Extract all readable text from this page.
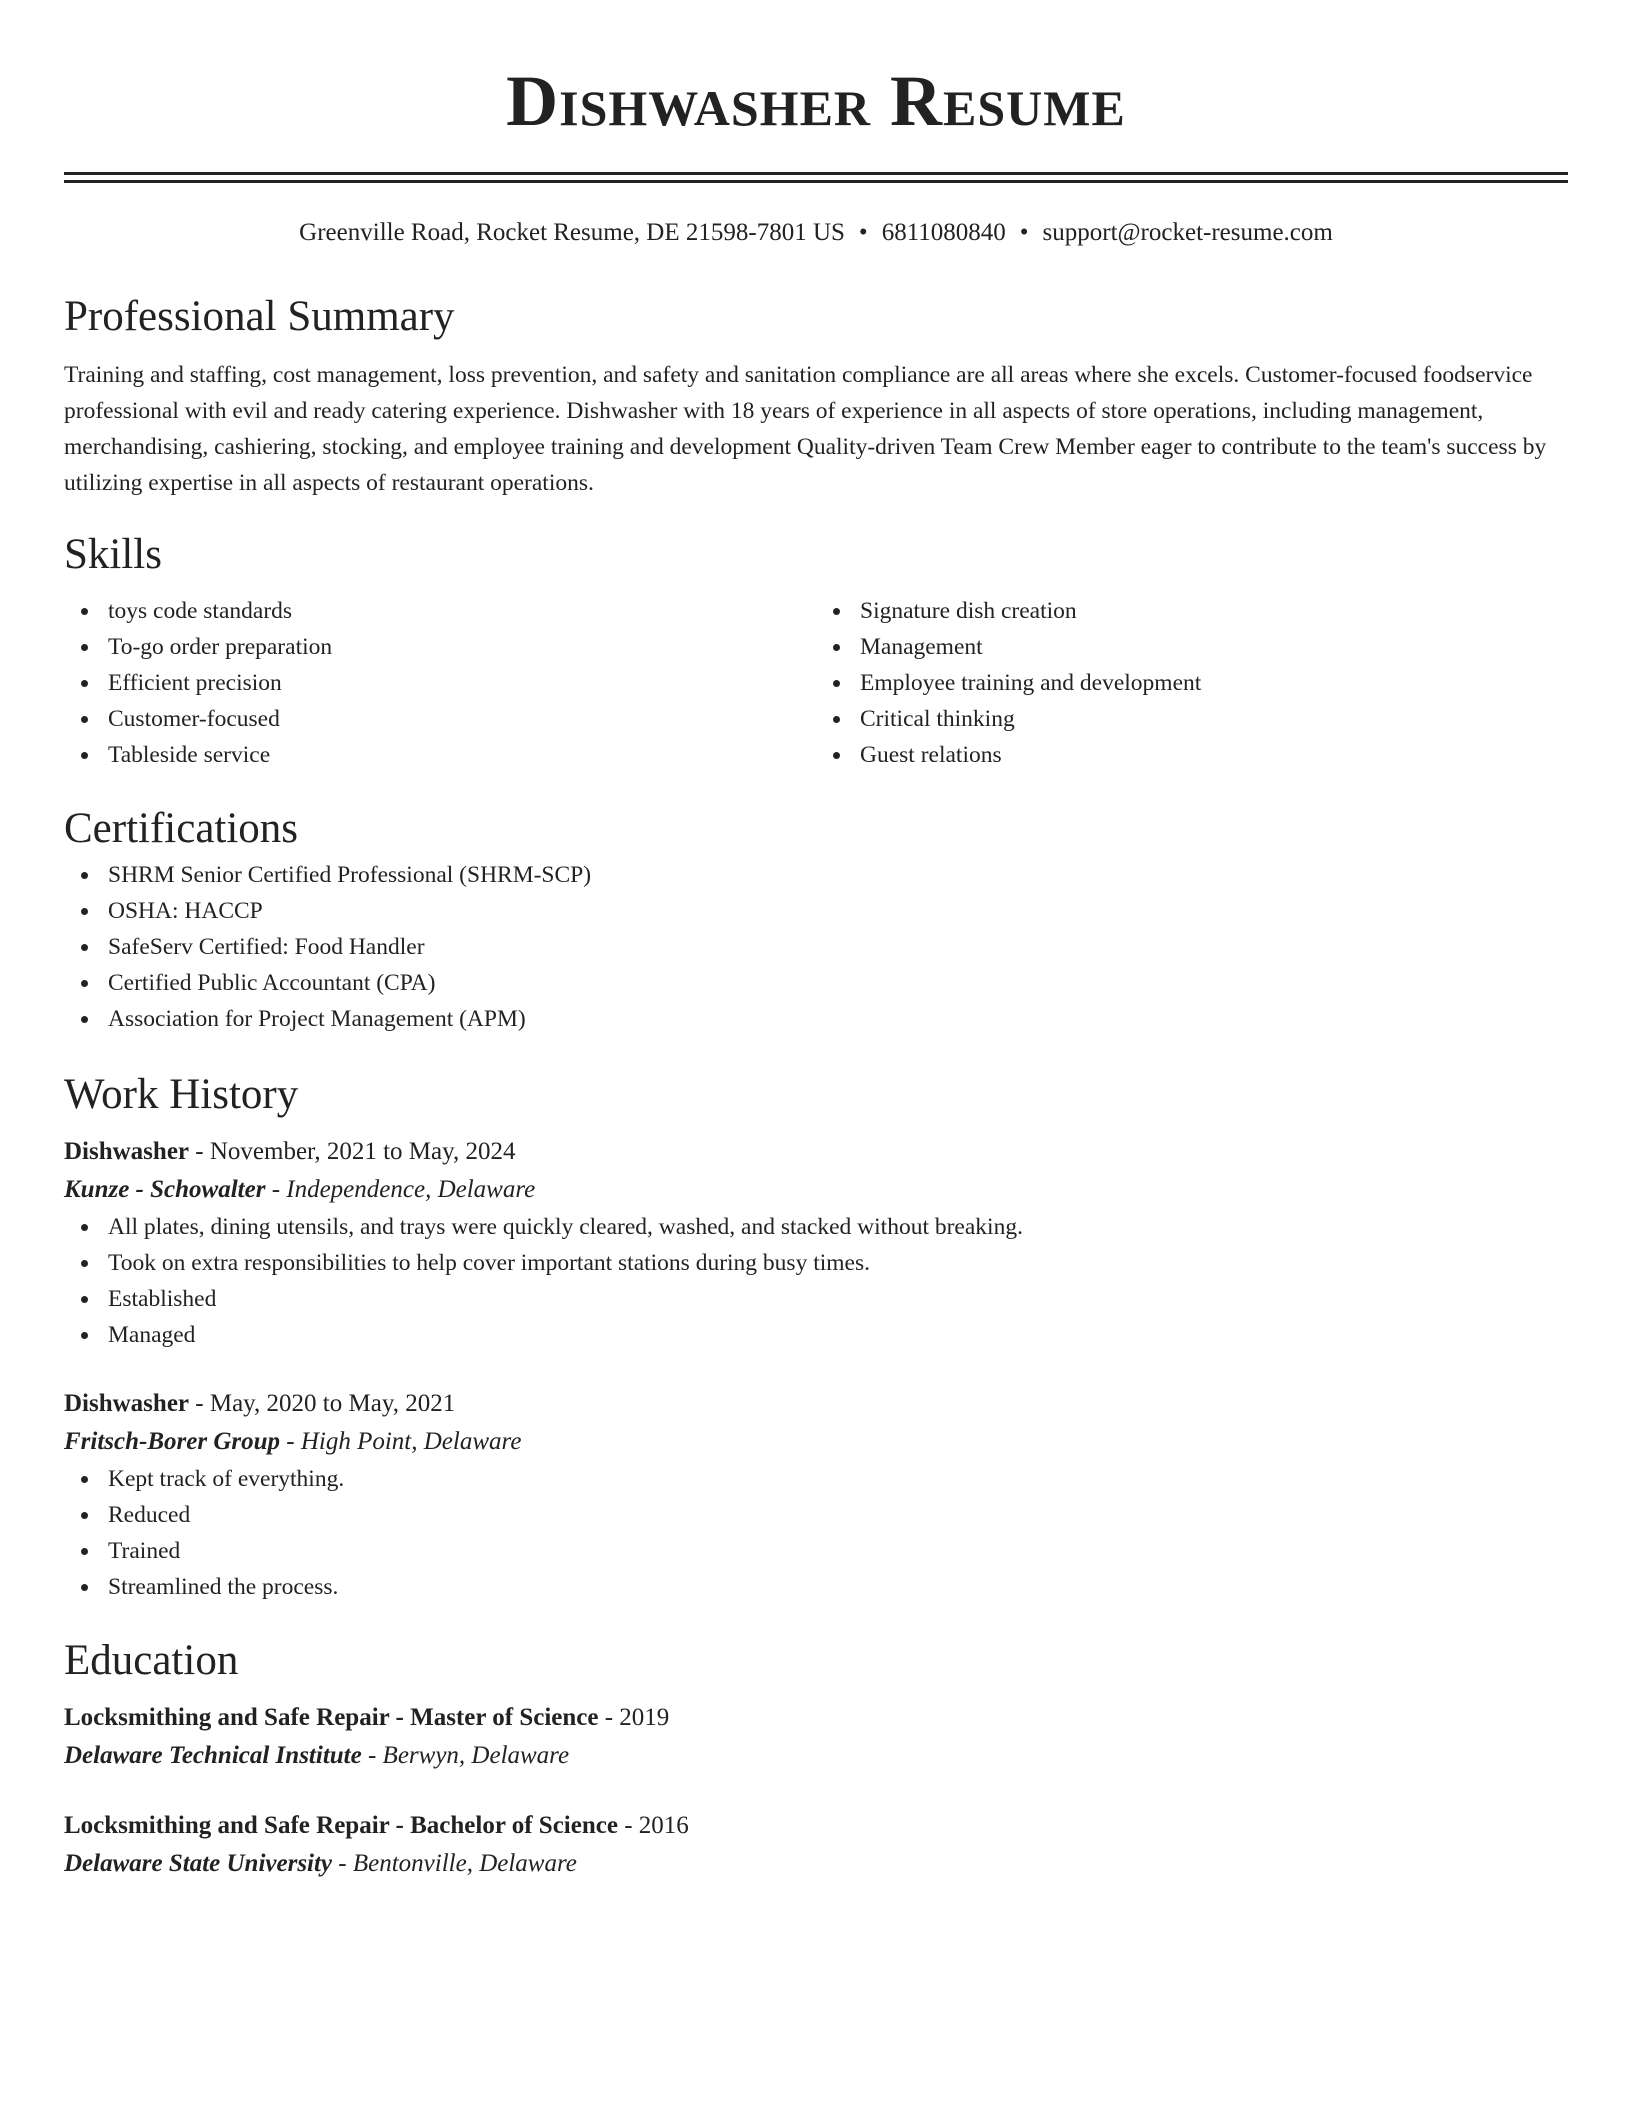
Dishwasher Resume
Greenville Road, Rocket Resume, DE 21598-7801 US • 6811080840 • support@rocket-resume.com
Professional Summary

Training and staffing, cost management, loss prevention, and safety and sanitation compliance are all areas where she excels. Customer-focused foodservice professional with evil and ready catering experience. Dishwasher with 18 years of experience in all aspects of store operations, including management, merchandising, cashiering, stocking, and employee training and development Quality-driven Team Crew Member eager to contribute to the team's success by utilizing expertise in all aspects of restaurant operations.

Skills
toys code standards
To-go order preparation
Efficient precision
Customer-focused
Tableside service
Signature dish creation
Management
Employee training and development
Critical thinking
Guest relations
Certifications
SHRM Senior Certified Professional (SHRM-SCP)
OSHA: HACCP
SafeServ Certified: Food Handler
Certified Public Accountant (CPA)
Association for Project Management (APM)
Work History
Dishwasher - November, 2021 to May, 2024
Kunze - Schowalter - Independence, Delaware
All plates, dining utensils, and trays were quickly cleared, washed, and stacked without breaking.
Took on extra responsibilities to help cover important stations during busy times.
Established
Managed
Dishwasher - May, 2020 to May, 2021
Fritsch-Borer Group - High Point, Delaware
Kept track of everything.
Reduced
Trained
Streamlined the process.
Education
Locksmithing and Safe Repair - Master of Science - 2019
Delaware Technical Institute - Berwyn, Delaware
Locksmithing and Safe Repair - Bachelor of Science - 2016
Delaware State University - Bentonville, Delaware
